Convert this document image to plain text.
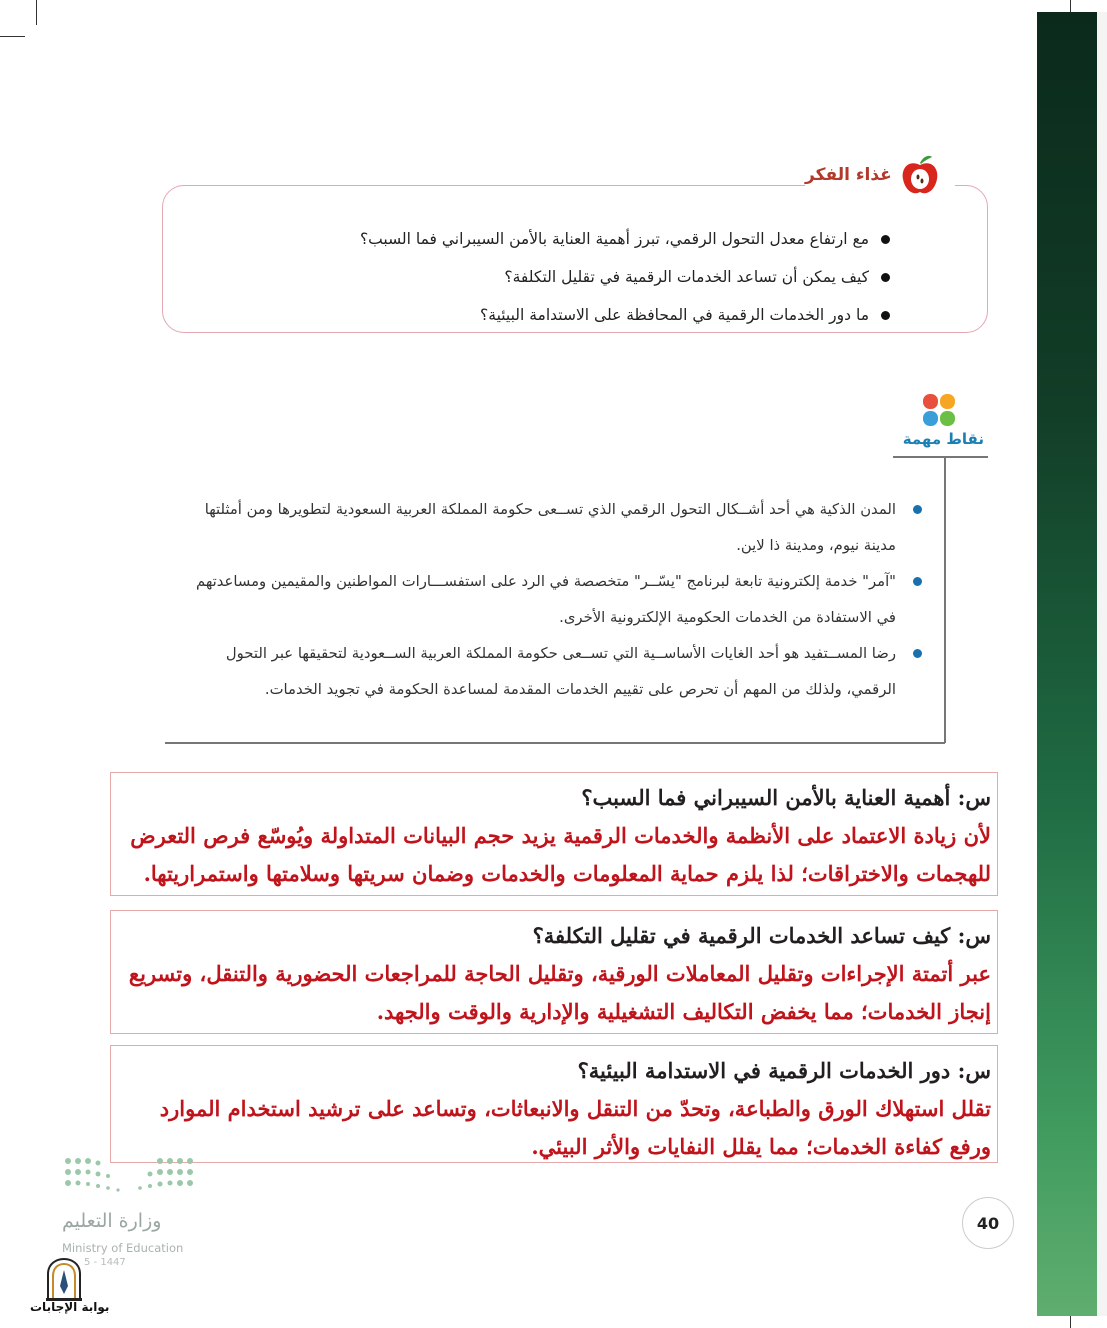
غذاء الفكر
مع ارتفاع معدل التحول الرقمي، تبرز أهمية العناية بالأمن السيبراني فما السبب؟
كيف يمكن أن تساعد الخدمات الرقمية في تقليل التكلفة؟
ما دور الخدمات الرقمية في المحافظة على الاستدامة البيئية؟
نقاط مهمة
المدن الذكية هي أحد أشــكال التحول الرقمي الذي تســعى حكومة المملكة العربية السعودية لتطويرها ومن أمثلتها مدينة نيوم، ومدينة ذا لاين.
"آمر" خدمة إلكترونية تابعة لبرنامج "يسّــر" متخصصة في الرد على استفســـارات المواطنين والمقيمين ومساعدتهم في الاستفادة من الخدمات الحكومية الإلكترونية الأخرى.
رضا المســتفيد هو أحد الغايات الأساســية التي تســعى حكومة المملكة العربية الســعودية لتحقيقها عبر التحول الرقمي، ولذلك من المهم أن تحرص على تقييم الخدمات المقدمة لمساعدة الحكومة في تجويد الخدمات.
س: أهمية العناية بالأمن السيبراني فما السبب؟
لأن زيادة الاعتماد على الأنظمة والخدمات الرقمية يزيد حجم البيانات المتداولة ويُوسّع فرص التعرض للهجمات والاختراقات؛ لذا يلزم حماية المعلومات والخدمات وضمان سريتها وسلامتها واستمراريتها.
س: كيف تساعد الخدمات الرقمية في تقليل التكلفة؟
عبر أتمتة الإجراءات وتقليل المعاملات الورقية، وتقليل الحاجة للمراجعات الحضورية والتنقل، وتسريع إنجاز الخدمات؛ مما يخفض التكاليف التشغيلية والإدارية والوقت والجهد.
س: دور الخدمات الرقمية في الاستدامة البيئية؟
تقلل استهلاك الورق والطباعة، وتحدّ من التنقل والانبعاثات، وتساعد على ترشيد استخدام الموارد ورفع كفاءة الخدمات؛ مما يقلل النفايات والأثر البيئي.
40
وزارة التعليم
Ministry of Education
5 - 1447
بوابة الإجابات
